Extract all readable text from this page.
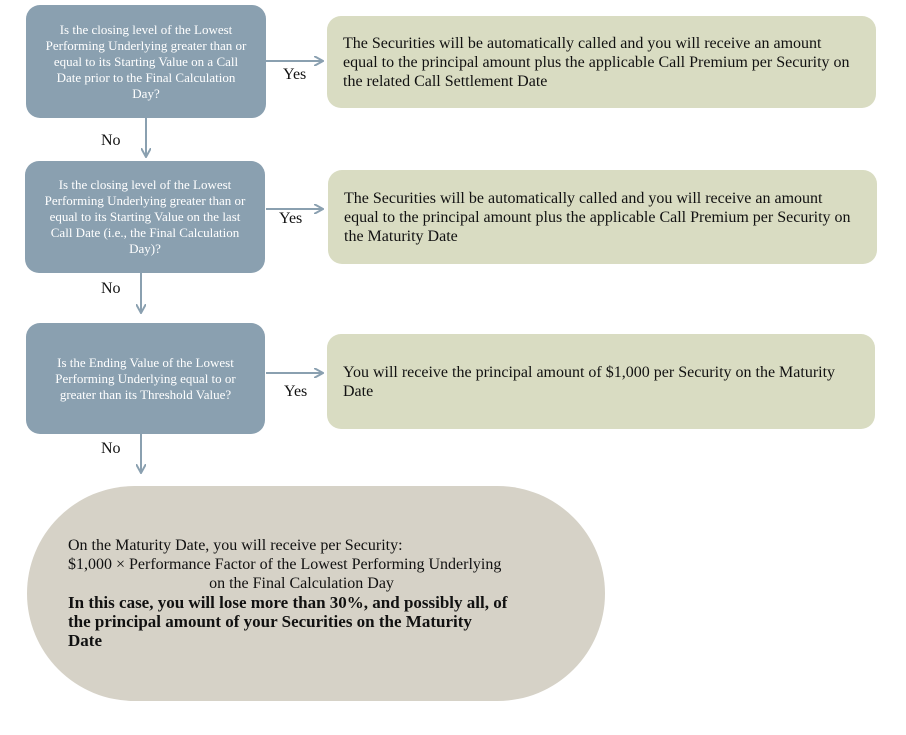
Is the closing level of the Lowest Performing Underlying greater than or equal to its Starting Value on a Call Date prior to the Final Calculation Day?
Yes
The Securities will be automatically called and you will receive an amount equal to the principal amount plus the applicable Call Premium per Security on the related Call Settlement Date
No
Is the closing level of the Lowest Performing Underlying greater than or equal to its Starting Value on the last Call Date (i.e., the Final Calculation Day)?
Yes
The Securities will be automatically called and you will receive an amount equal to the principal amount plus the applicable Call Premium per Security on the Maturity Date
No
Is the Ending Value of the Lowest Performing Underlying equal to or greater than its Threshold Value?	Yes
You will receive the principal amount of $1,000 per Security on the Maturity Date
No
On the Maturity Date, you will receive per Security:
$1,000 × Performance Factor of the Lowest Performing Underlying
on the Final Calculation Day
In this case, you will lose more than 30%, and possibly all, of the principal amount of your Securities on the Maturity Date
